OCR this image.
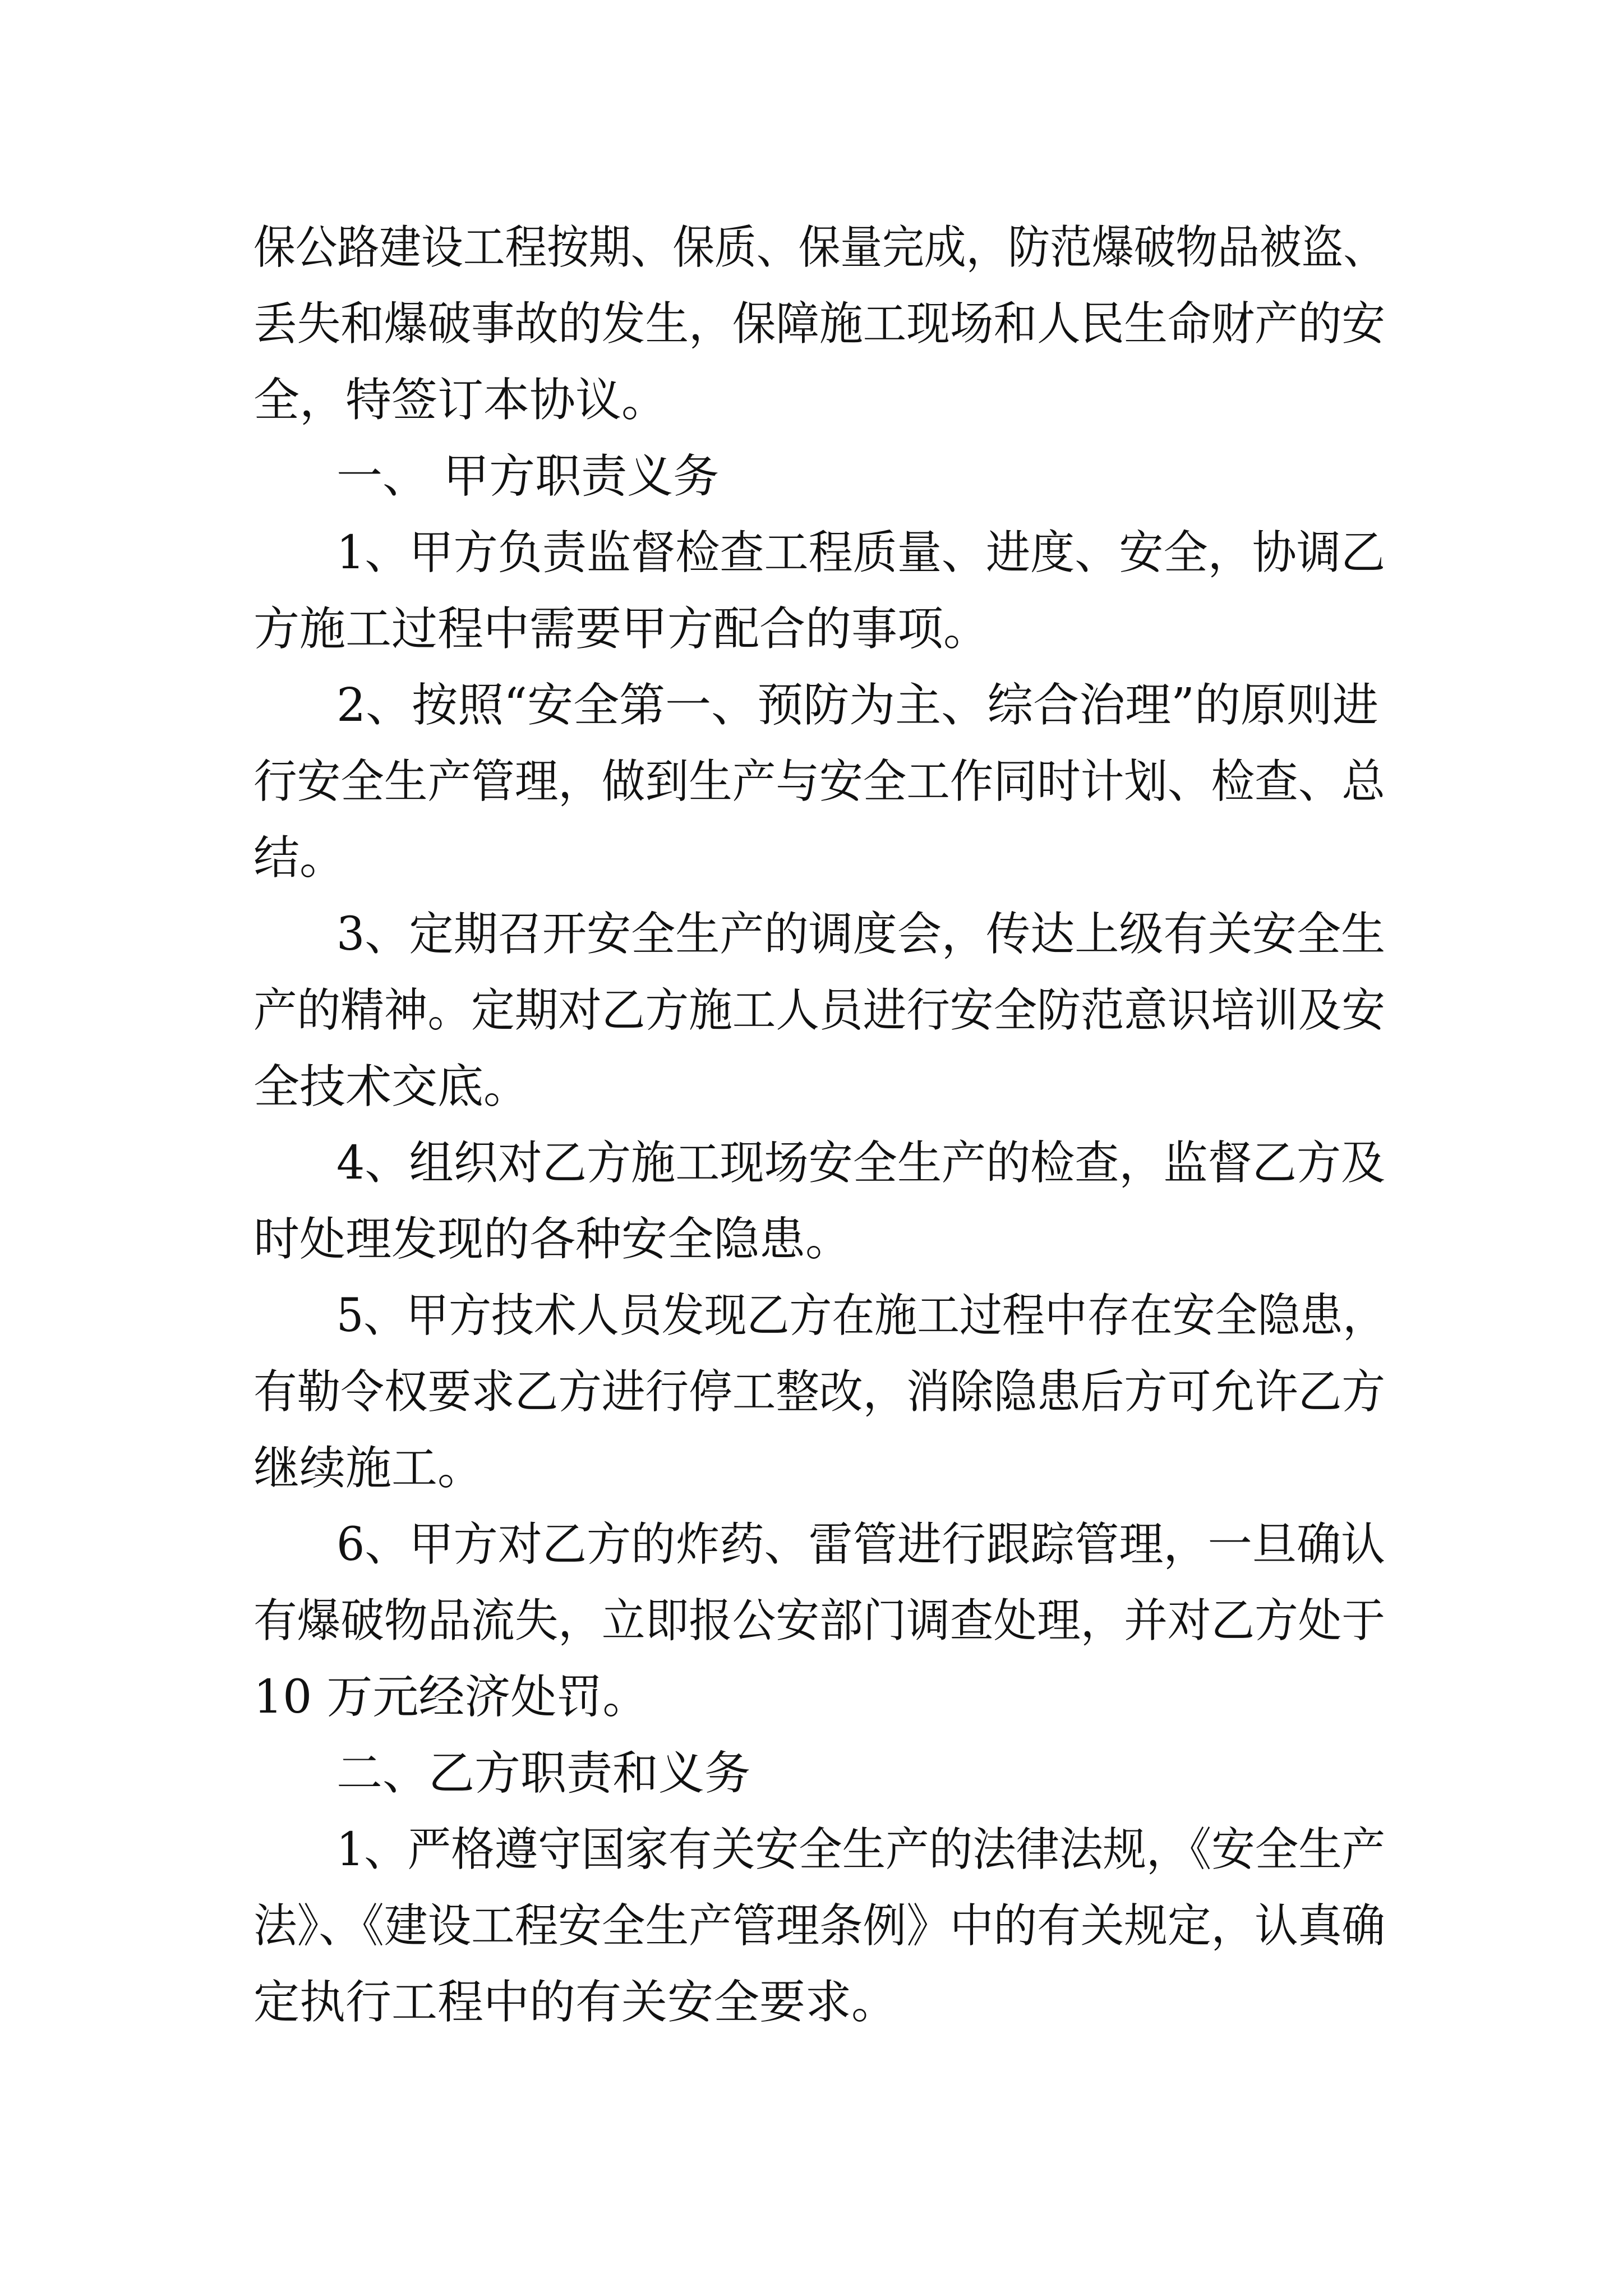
保公路建设工程按期、保质、保量完成，防范爆破物品被盗、
丢失和爆破事故的发生，保障施工现场和人民生命财产的安
全，特签订本协议。
一、 甲方职责义务
1、甲方负责监督检查工程质量、进度、安全，协调乙
方施工过程中需要甲方配合的事项。
2、按照“安全第一、预防为主、综合治理”的原则进
行安全生产管理，做到生产与安全工作同时计划、检查、总
结。
3、定期召开安全生产的调度会，传达上级有关安全生
产的精神。定期对乙方施工人员进行安全防范意识培训及安
全技术交底。
4、组织对乙方施工现场安全生产的检查，监督乙方及
时处理发现的各种安全隐患。
5、甲方技术人员发现乙方在施工过程中存在安全隐患，
有勒令权要求乙方进行停工整改，消除隐患后方可允许乙方
继续施工。
6、甲方对乙方的炸药、雷管进行跟踪管理，一旦确认
有爆破物品流失，立即报公安部门调查处理，并对乙方处于
10 万元经济处罚。
二、乙方职责和义务
1、严格遵守国家有关安全生产的法律法规，《安全生产
法》、《建设工程安全生产管理条例》中的有关规定，认真确
定执行工程中的有关安全要求。
